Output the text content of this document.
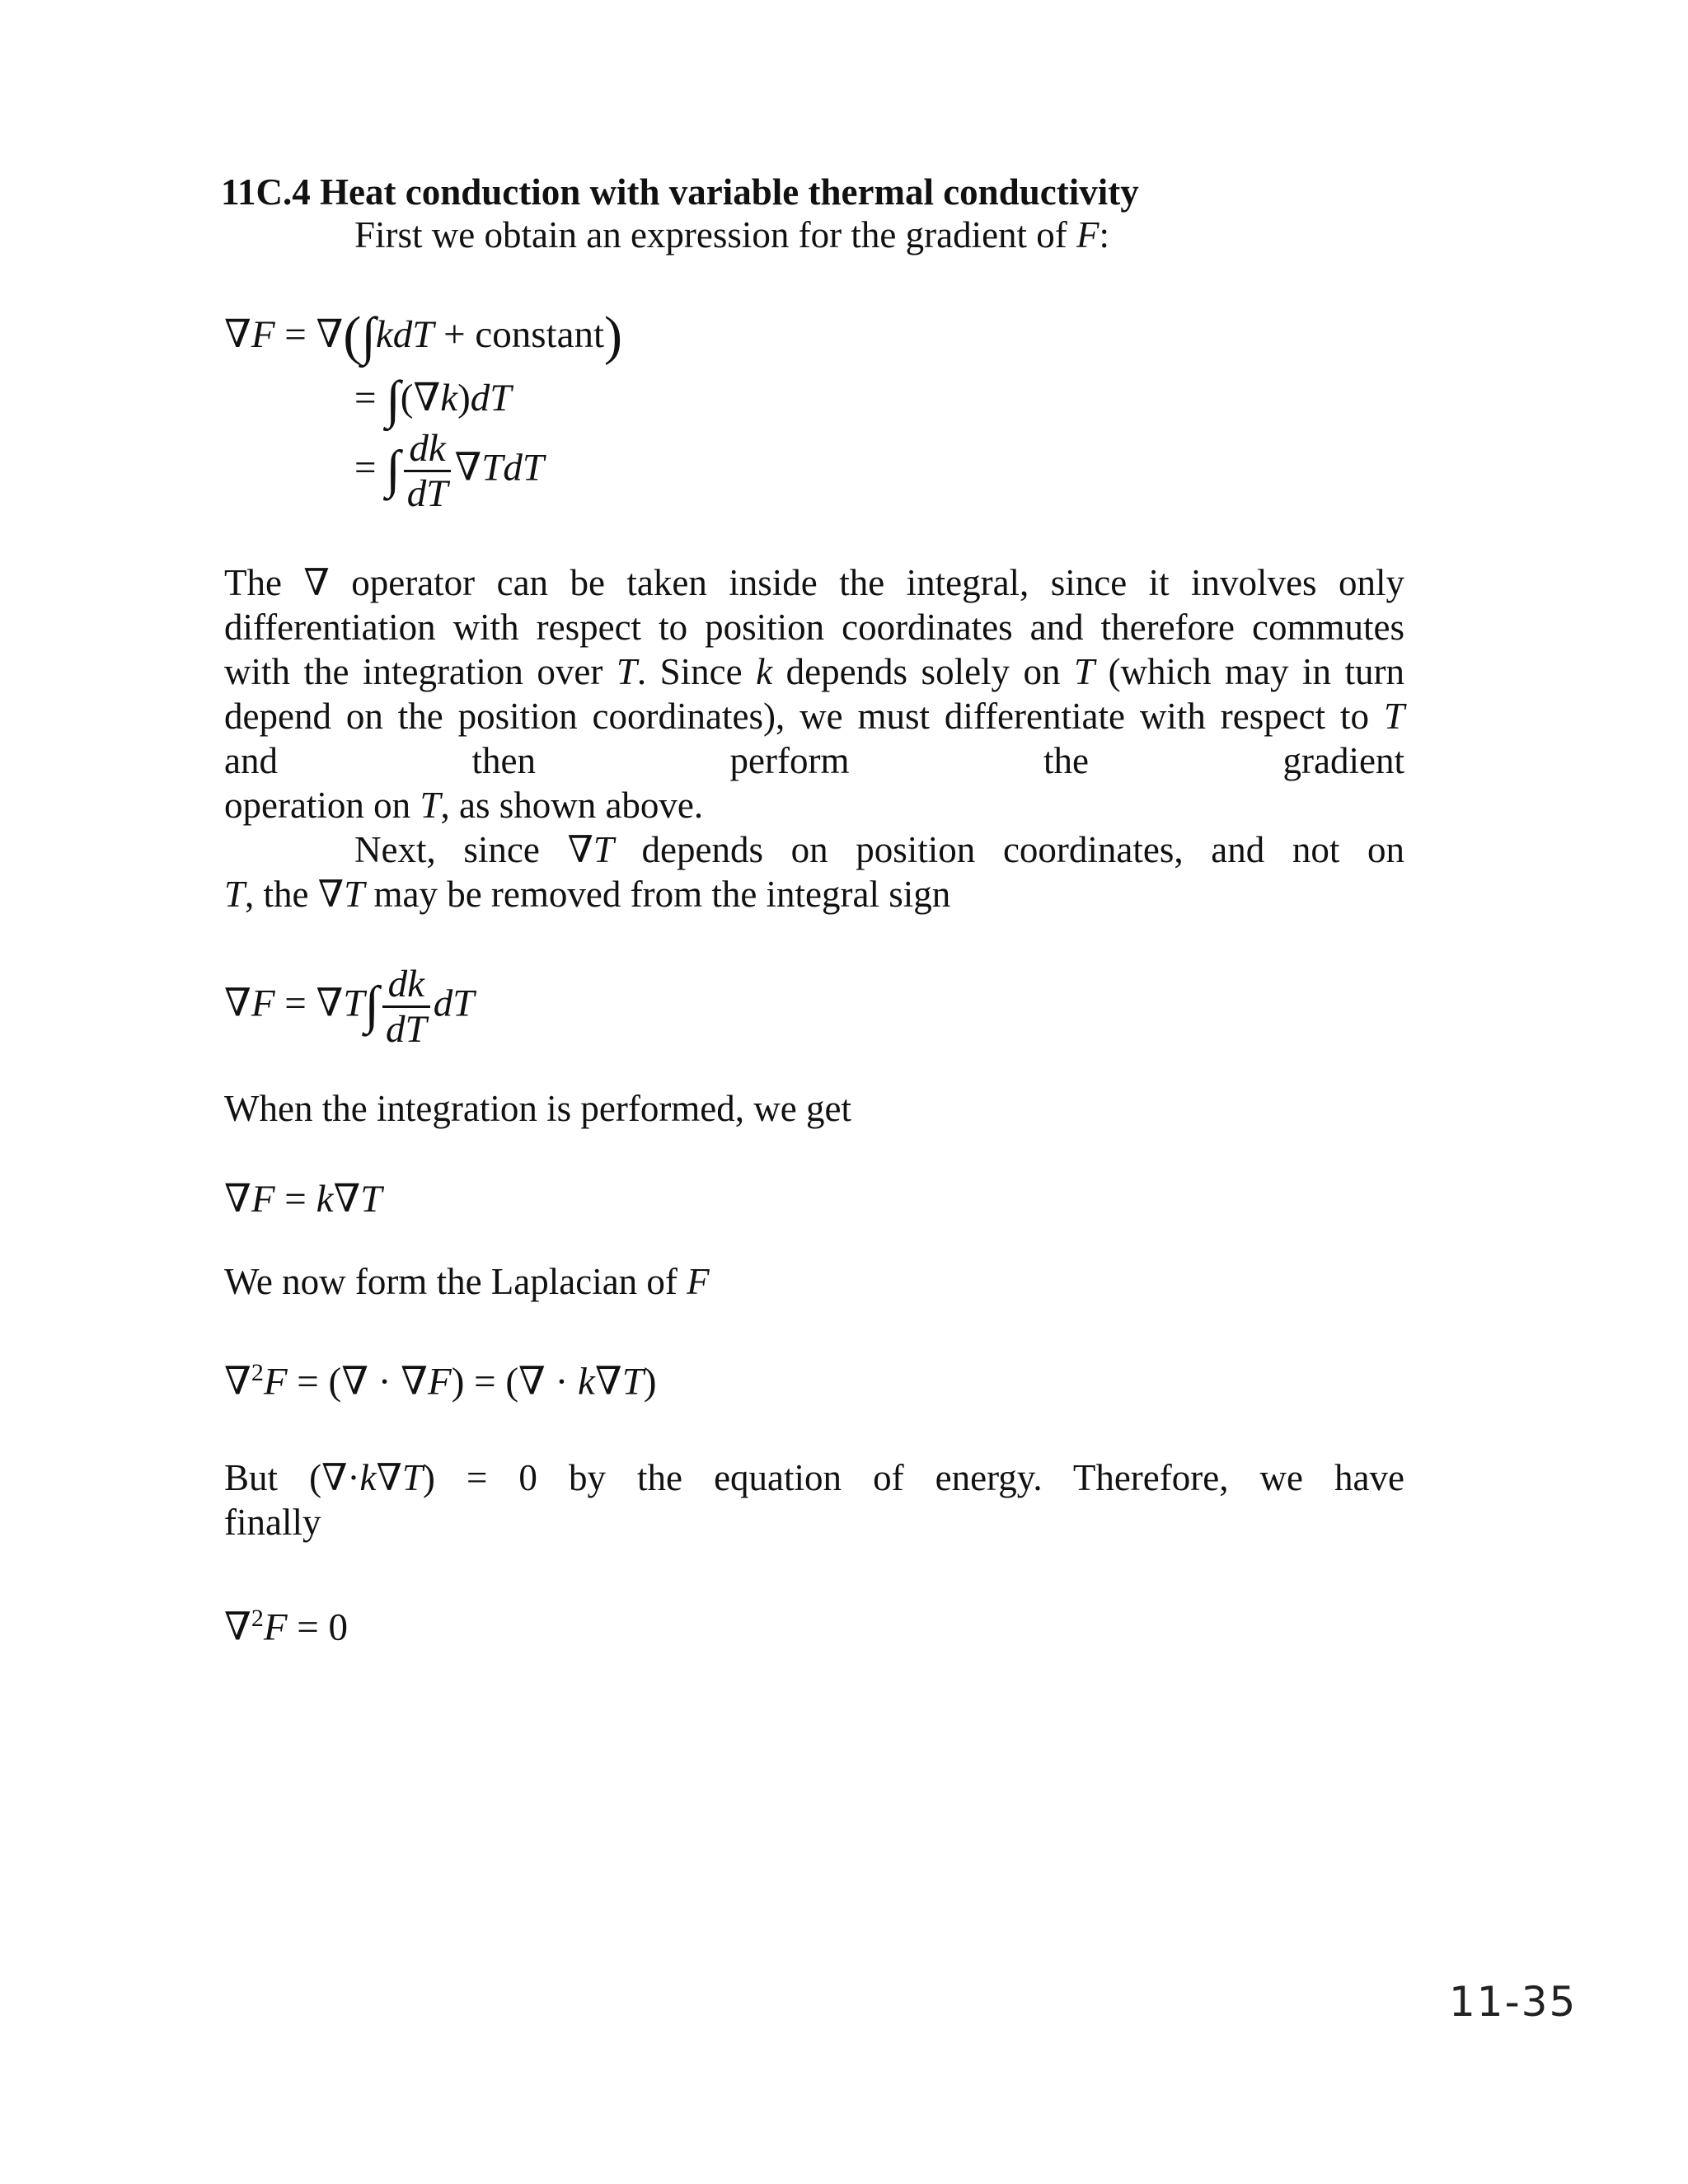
11C.4 Heat conduction with variable thermal conductivity
First we obtain an expression for the gradient of F:
∇F = ∇(∫kdT + constant)
= ∫(∇k)dT
= ∫ $\frac{dk}{dT} \nabla TdT$
The ∇ operator can be taken inside the integral, since it involves only differentiation with respect to position coordinates and therefore commutes with the integration over T. Since k depends solely on T (which may in turn depend on the position coordinates), we must differentiate with respect to T and then perform the gradient
operation on T, as shown above.
Next, since ∇T depends on position coordinates, and not on
T, the ∇T may be removed from the integral sign
$\nabla F = \nabla T\int \frac{dk}{dT}$ dT
When the integration is performed, we get
∇F = k∇T
We now form the Laplacian of F
∇$^2$F = (∇ · ∇F) = (∇ · k∇T)
But (∇·k∇T) = 0 by the equation of energy. Therefore, we have
finally
∇$^2$F = 0
11-35
